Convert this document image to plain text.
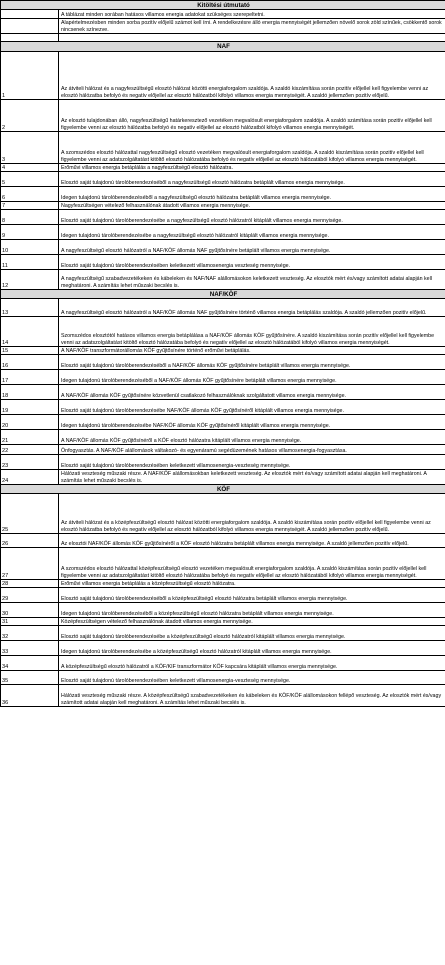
Kitöltési útmutató	
	A táblázat minden sorában hatásos villamos energia adatokat szükséges szerepeltetni.
	Alapértelmezésben minden sorba pozitív előjelű számot kell írni. A rendelkezésre álló energia mennyiségét jellemzően növelő sorok zöld színűek, csökkentő sorok nincsenek színezve.

NAF	
1	Az átviteli hálózat és a nagyfeszültségű elosztó hálózat közötti energiaforgalom szaldója. A szaldó kiszámítása során pozitív előjellel kell figyelembe venni az elosztó hálózatba befolyó és negatív előjellel az elosztó hálózatból kifolyó villamos energia mennyiségét. A szaldó jellemzően pozitív előjelű.
2	Az elosztó tulajdonában álló, nagyfeszültségű határkeresztező vezetéken megvalósult energiaforgalom szaldója. A szaldó számítása során pozitív előjellel kell figyelembe venni az elosztó hálózatba befolyó és negatív előjellel az elosztó hálózatból kifolyó villamos energia mennyiségét.
3	A szomszédos elosztó hálózattal nagyfeszültségű elosztó vezetéken megvalósult energiaforgalom szaldója. A szaldó kiszámítása során pozitív előjellel kell figyelembe venni az adatszolgáltatást kitöltő elosztó hálózatába befolyó és negatív előjellel az elosztó hálózatából kifolyó villamos energia mennyiségét.
4	Erőművi villamos energia betáplálás a nagyfeszültségű elosztó hálózatra.
5	Elosztó saját tulajdonú tárolóberendezéséből a nagyfeszültségű elosztó hálózatra betáplált villamos energia mennyisége.
6	Idegen tulajdonú tárolóberendezéséből a nagyfeszültségű elosztó hálózatra betáplált villamos energia mennyisége.
7	Nagyfeszültségen vételező felhasználónak átadott villamos energia mennyisége.
8	Elosztó saját tulajdonú tárolóberendezésébe a nagyfeszültségű elosztó hálózatról kitáplált villamos energia mennyisége.
9	Idegen tulajdonú tárolóberendezésébe a nagyfeszültségű elosztó hálózatról kitáplált villamos energia mennyisége.
10	A nagyfeszültségű elosztó hálózatról a NAF/KÖF állomás NAF gyűjtősínére betáplált villamos energia mennyisége.
11	Elosztó saját tulajdonú tárolóberendezésében keletkezett villamosenergia veszteség mennyisége.
12	A nagyfeszültségű szabadvezetékeken és kábeleken és NAF/NAF alállomásokon keletkezett veszteség. Az elosztók mért és/vagy számított adatai alapján kell meghatároni. A számítás lehet műszaki becslés is.
NAF/KÖF	
13	A nagyfeszültségű elosztó hálózatról a NAF/KÖF állomás NAF gyűjtősínére történő villamos energia betáplálás szaldója. A szaldó jellemzően pozitív előjelű.
14	Szomszédos elosztótól hatásos villamos energia betáplálása a NAF/KÖF állomás KÖF gyűjtősínére. A szaldó kiszámítása során pozitív előjellel kell figyelembe venni az adatszolgáltatást kitöltő elosztó hálózatába befolyó és negatív előjellel az elosztó hálózatából kifolyó villamos energia mennyiségét.
15	A NAF/KÖF transzformátorállomás KÖF gyűjtősínére történő erőművi betáplálás.
16	Elosztó saját tulajdonú tárolóberendezéséből a NAF/KÖF állomás KÖF gyűjtősínére betáplált villamos energia mennyisége.
17	Idegen tulajdonú tárolóberendezéséből a NAF/KÖF állomás KÖF gyűjtősínére betáplált villamos energia mennyisége.
18	A NAF/KÖF állomás KÖF gyűjtősínére közvetlenül csatlakozó felhasználóknak szolgáltatott villamos energia mennyisége.
19	Elosztó saját tulajdonú tárolóberendezésébe NAF/KÖF állomás KÖF gyűjtősínéről kitáplált villamos energia mennyisége.
20	Idegen tulajdonú tárolóberendezésébe NAF/KÖF állomás KÖF gyűjtősínéről kitáplált villamos energia mennyisége.
21	A NAF/KÖF állomás KÖF gyűjtősínéről a KÖF elosztó hálózatra kitáplált villamos energia mennyisége.
22	Önfogyasztás. A NAF/KÖF alállomások váltakozó- és egyenáramú segédüzemének hatásos villamosenergia-fogyasztása.
23	Elosztó saját tulajdonú tárolóberendezésében keletkezett villamosenergia-veszteség mennyisége.
24	Hálózati veszteség műszaki része. A NAF/KÖF alállomásokban keletkezett veszteség. Az elosztók mért és/vagy számított adatai alapján kell meghatároni. A számítás lehet műszaki becslés is.
KÖF	
25	Az átviteli hálózat és a középfeszültségű elosztó hálózat közötti energiaforgalom szaldója. A szaldó kiszámítása során pozitív előjellel kell figyelembe venni az elosztó hálózatba befolyó és negatív előjellel az elosztó hálózatból kifolyó villamos energia mennyiségét. A szaldó jellemzően pozitív előjelű.
26	Az elosztói NAF/KÖF állomás KÖF gyűjtősínéről a KÖF elosztó hálózatra betáplált villamos energia mennyisége. A szaldó jellemzően pozitív előjelű.
27	A szomszédos elosztó hálózattal középfeszültségű elosztó vezetéken megvalósult energiaforgalom szaldója. A szaldó kiszámítása során pozitív előjellel kell figyelembe venni az adatszolgáltatást kitöltő elosztó hálózatába befolyó és negatív előjellel az elosztó hálózatából kifolyó villamos energia mennyiségét.
28	Erőművi villamos energia betáplálás a középfeszültségű elosztó hálózatra.
29	Elosztó saját tulajdonú tárolóberendezéséből a középfeszültségű elosztó hálózatra betáplált villamos energia mennyisége.
30	Idegen tulajdonú tárolóberendezéséből a középfeszültségű elosztó hálózatra betáplált villamos energia mennyisége.
31	Középfeszültségen vételező felhasználónak átadott villamos energia mennyisége.
32	Elosztó saját tulajdonú tárolóberendezésébe a középfeszültségű elosztó hálózatról kitáplált villamos energia mennyisége.
33	Idegen tulajdonú tárolóberendezésébe a középfeszültségű elosztó hálózatról kitáplált villamos energia mennyisége.
34	A középfeszültségű elosztó hálózatról a KÖF/KIF transzformátor KÖF kapcsára kitáplált villamos energia mennyisége.
35	Elosztó saját tulajdonú tárolóberendezésében keletkezett villamosenergia-veszteség mennyisége.
36	Hálózati veszteség műszaki része. A középfeszültségű szabadvezetékeken és kábeleken és KÖF/KÖF alállomásokon fellépő veszteség. Az elosztók mért és/vagy számított adatai alapján kell meghatároni. A számítás lehet műszaki becslés is.
